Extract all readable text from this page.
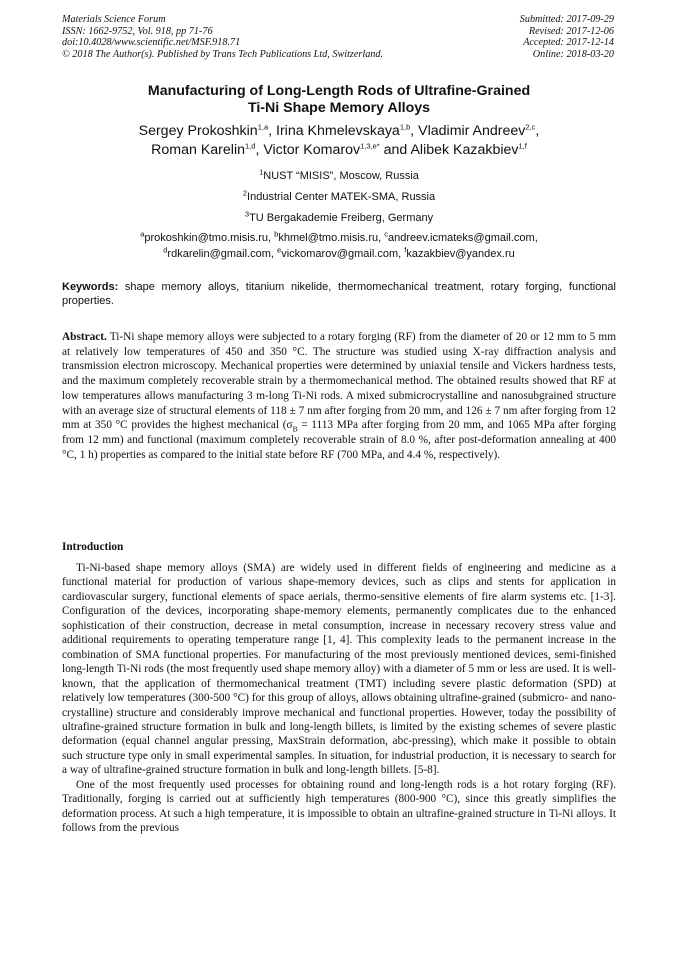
Materials Science Forum
ISSN: 1662-9752, Vol. 918, pp 71-76
doi:10.4028/www.scientific.net/MSF.918.71
© 2018 The Author(s). Published by Trans Tech Publications Ltd, Switzerland.
Submitted: 2017-09-29
Revised: 2017-12-06
Accepted: 2017-12-14
Online: 2018-03-20
Manufacturing of Long-Length Rods of Ultrafine-Grained
Ti-Ni Shape Memory Alloys
Sergey Prokoshkin$^{1,a}$, Irina Khmelevskaya$^{1,b}$, Vladimir Andreev$^{2,c}$,
Roman Karelin$^{1,d}$, Victor Komarov$^{1,3,e*}$ and Alibek Kazakbiev$^{1,f}$
$^1$NUST “MISIS”, Moscow, Russia
$^2$Industrial Center MATEK-SMA, Russia
$^3$TU Bergakademie Freiberg, Germany
$^a$prokoshkin@tmo.misis.ru, $^b$khmel@tmo.misis.ru, $^c$andreev.icmateks@gmail.com,
$^d$rdkarelin@gmail.com, $^e$vickomarov@gmail.com, $^f$kazakbiev@yandex.ru
Keywords: shape memory alloys, titanium nikelide, thermomechanical treatment, rotary forging, functional properties.
Abstract. Ti-Ni shape memory alloys were subjected to a rotary forging (RF) from the diameter of 20 or 12 mm to 5 mm at relatively low temperatures of 450 and 350 °C. The structure was studied using X-ray diffraction analysis and transmission electron microscopy. Mechanical properties were determined by uniaxial tensile and Vickers hardness tests, and the maximum completely recoverable strain by a thermomechanical method. The obtained results showed that RF at low temperatures allows manufacturing 3 m-long Ti-Ni rods. A mixed submicrocrystalline and nanosubgrained structure with an average size of structural elements of 118 ± 7 nm after forging from 20 mm, and 126 ± 7 nm after forging from 12 mm at 350 °C provides the highest mechanical ($\sigma_B = 1113$ MPa after forging from 20 mm, and 1065 MPa after forging from 12 mm) and functional (maximum completely recoverable strain of 8.0 %, after post-deformation annealing at 400 °C, 1 h) properties as compared to the initial state before RF (700 MPa, and 4.4 %, respectively).
Introduction

Ti-Ni-based shape memory alloys (SMA) are widely used in different fields of engineering and medicine as a functional material for production of various shape-memory devices, such as clips and stents for application in cardiovascular surgery, functional elements of space aerials, thermo-sensitive elements of fire alarm systems etc. [1-3]. Configuration of the devices, incorporating shape-memory elements, permanently complicates due to the enhanced sophistication of their construction, decrease in metal consumption, increase in necessary recovery stress value and additional requirements to operating temperature range [1, 4]. This complexity leads to the permanent increase in the combination of SMA functional properties. For manufacturing of the most previously mentioned devices, semi-finished long-length Ti-Ni rods (the most frequently used shape memory alloy) with a diameter of 5 mm or less are used. It is well-known, that the application of thermomechanical treatment (TMT) including severe plastic deformation (SPD) at relatively low temperatures (300-500 °C) for this group of alloys, allows obtaining ultrafine-grained (submicro- and nano-crystalline) structure and considerably improve mechanical and functional properties. However, today the possibility of ultrafine-grained structure formation in bulk and long-length billets, is limited by the existing schemes of severe plastic deformation (equal channel angular pressing, MaxStrain deformation, abc-pressing), which make it possible to obtain such structure type only in small experimental samples. In situation, for industrial production, it is necessary to search for a way of ultrafine-grained structure formation in bulk and long-length billets. [5-8].

One of the most frequently used processes for obtaining round and long-length rods is a hot rotary forging (RF). Traditionally, forging is carried out at sufficiently high temperatures (800-900 °C), since this greatly simplifies the deformation process. At such a high temperature, it is impossible to obtain an ultrafine-grained structure in Ti-Ni alloys. It follows from the previous
